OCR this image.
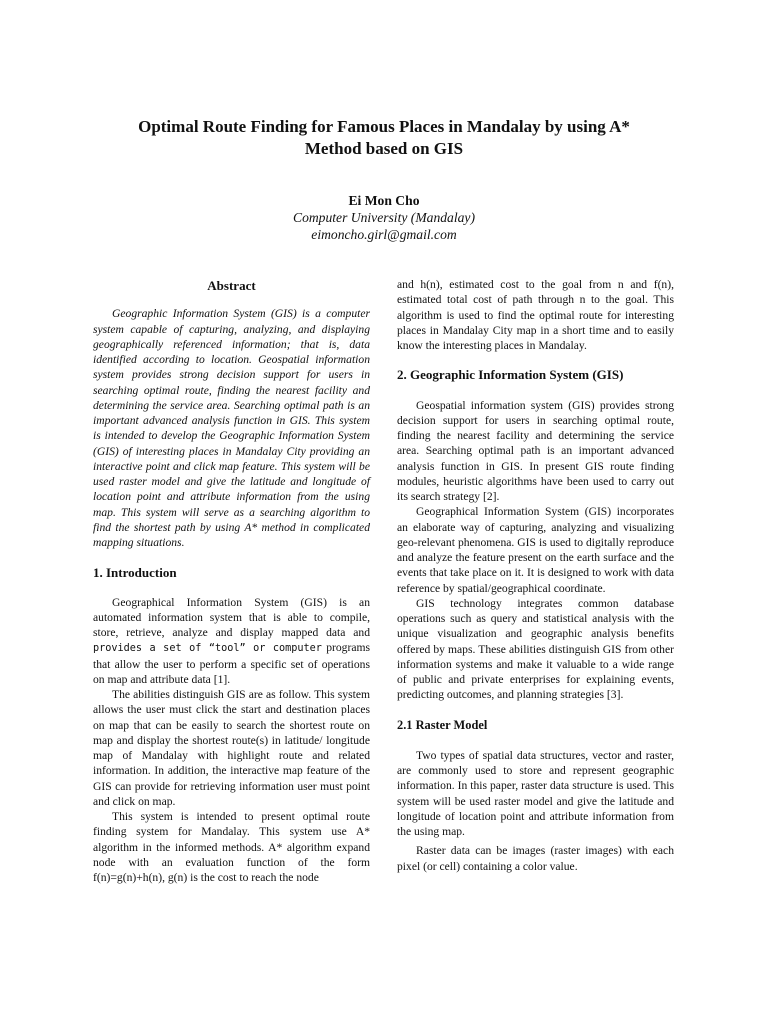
Optimal Route Finding for Famous Places in Mandalay by using A*
Method based on GIS
Ei Mon Cho
Computer University (Mandalay)
eimoncho.girl@gmail.com
Abstract

Geographic Information System (GIS) is a computer system capable of capturing, analyzing, and displaying geographically referenced information; that is, data identified according to location. Geospatial information system provides strong decision support for users in searching optimal route, finding the nearest facility and determining the service area. Searching optimal path is an important advanced analysis function in GIS. This system is intended to develop the Geographic Information System (GIS) of interesting places in Mandalay City providing an interactive point and click map feature. This system will be used raster model and give the latitude and longitude of location point and attribute information from the using map. This system will serve as a searching algorithm to find the shortest path by using A* method in complicated mapping situations.

1. Introduction

Geographical Information System (GIS) is an automated information system that is able to compile, store, retrieve, analyze and display mapped data and provides a set of “tool” or computer programs that allow the user to perform a specific set of operations on map and attribute data [1].

The abilities distinguish GIS are as follow. This system allows the user must click the start and destination places on map that can be easily to search the shortest route on map and display the shortest route(s) in latitude/ longitude map of Mandalay with highlight route and related information. In addition, the interactive map feature of the GIS can provide for retrieving information user must point and click on map.

This system is intended to present optimal route finding system for Mandalay. This system use A* algorithm in the informed methods. A* algorithm expand node with an evaluation function of the form f(n)=g(n)+h(n), g(n) is the cost to reach the node

and h(n), estimated cost to the goal from n and f(n), estimated total cost of path through n to the goal. This algorithm is used to find the optimal route for interesting places in Mandalay City map in a short time and to easily know the interesting places in Mandalay.

2. Geographic Information System (GIS)

Geospatial information system (GIS) provides strong decision support for users in searching optimal route, finding the nearest facility and determining the service area. Searching optimal path is an important advanced analysis function in GIS. In present GIS route finding modules, heuristic algorithms have been used to carry out its search strategy [2].

Geographical Information System (GIS) incorporates an elaborate way of capturing, analyzing and visualizing geo-relevant phenomena. GIS is used to digitally reproduce and analyze the feature present on the earth surface and the events that take place on it. It is designed to work with data reference by spatial/geographical coordinate.

GIS technology integrates common database operations such as query and statistical analysis with the unique visualization and geographic analysis benefits offered by maps. These abilities distinguish GIS from other information systems and make it valuable to a wide range of public and private enterprises for explaining events, predicting outcomes, and planning strategies [3].

2.1 Raster Model

Two types of spatial data structures, vector and raster, are commonly used to store and represent geographic information. In this paper, raster data structure is used. This system will be used raster model and give the latitude and longitude of location point and attribute information from the using map.

Raster data can be images (raster images) with each pixel (or cell) containing a color value.
